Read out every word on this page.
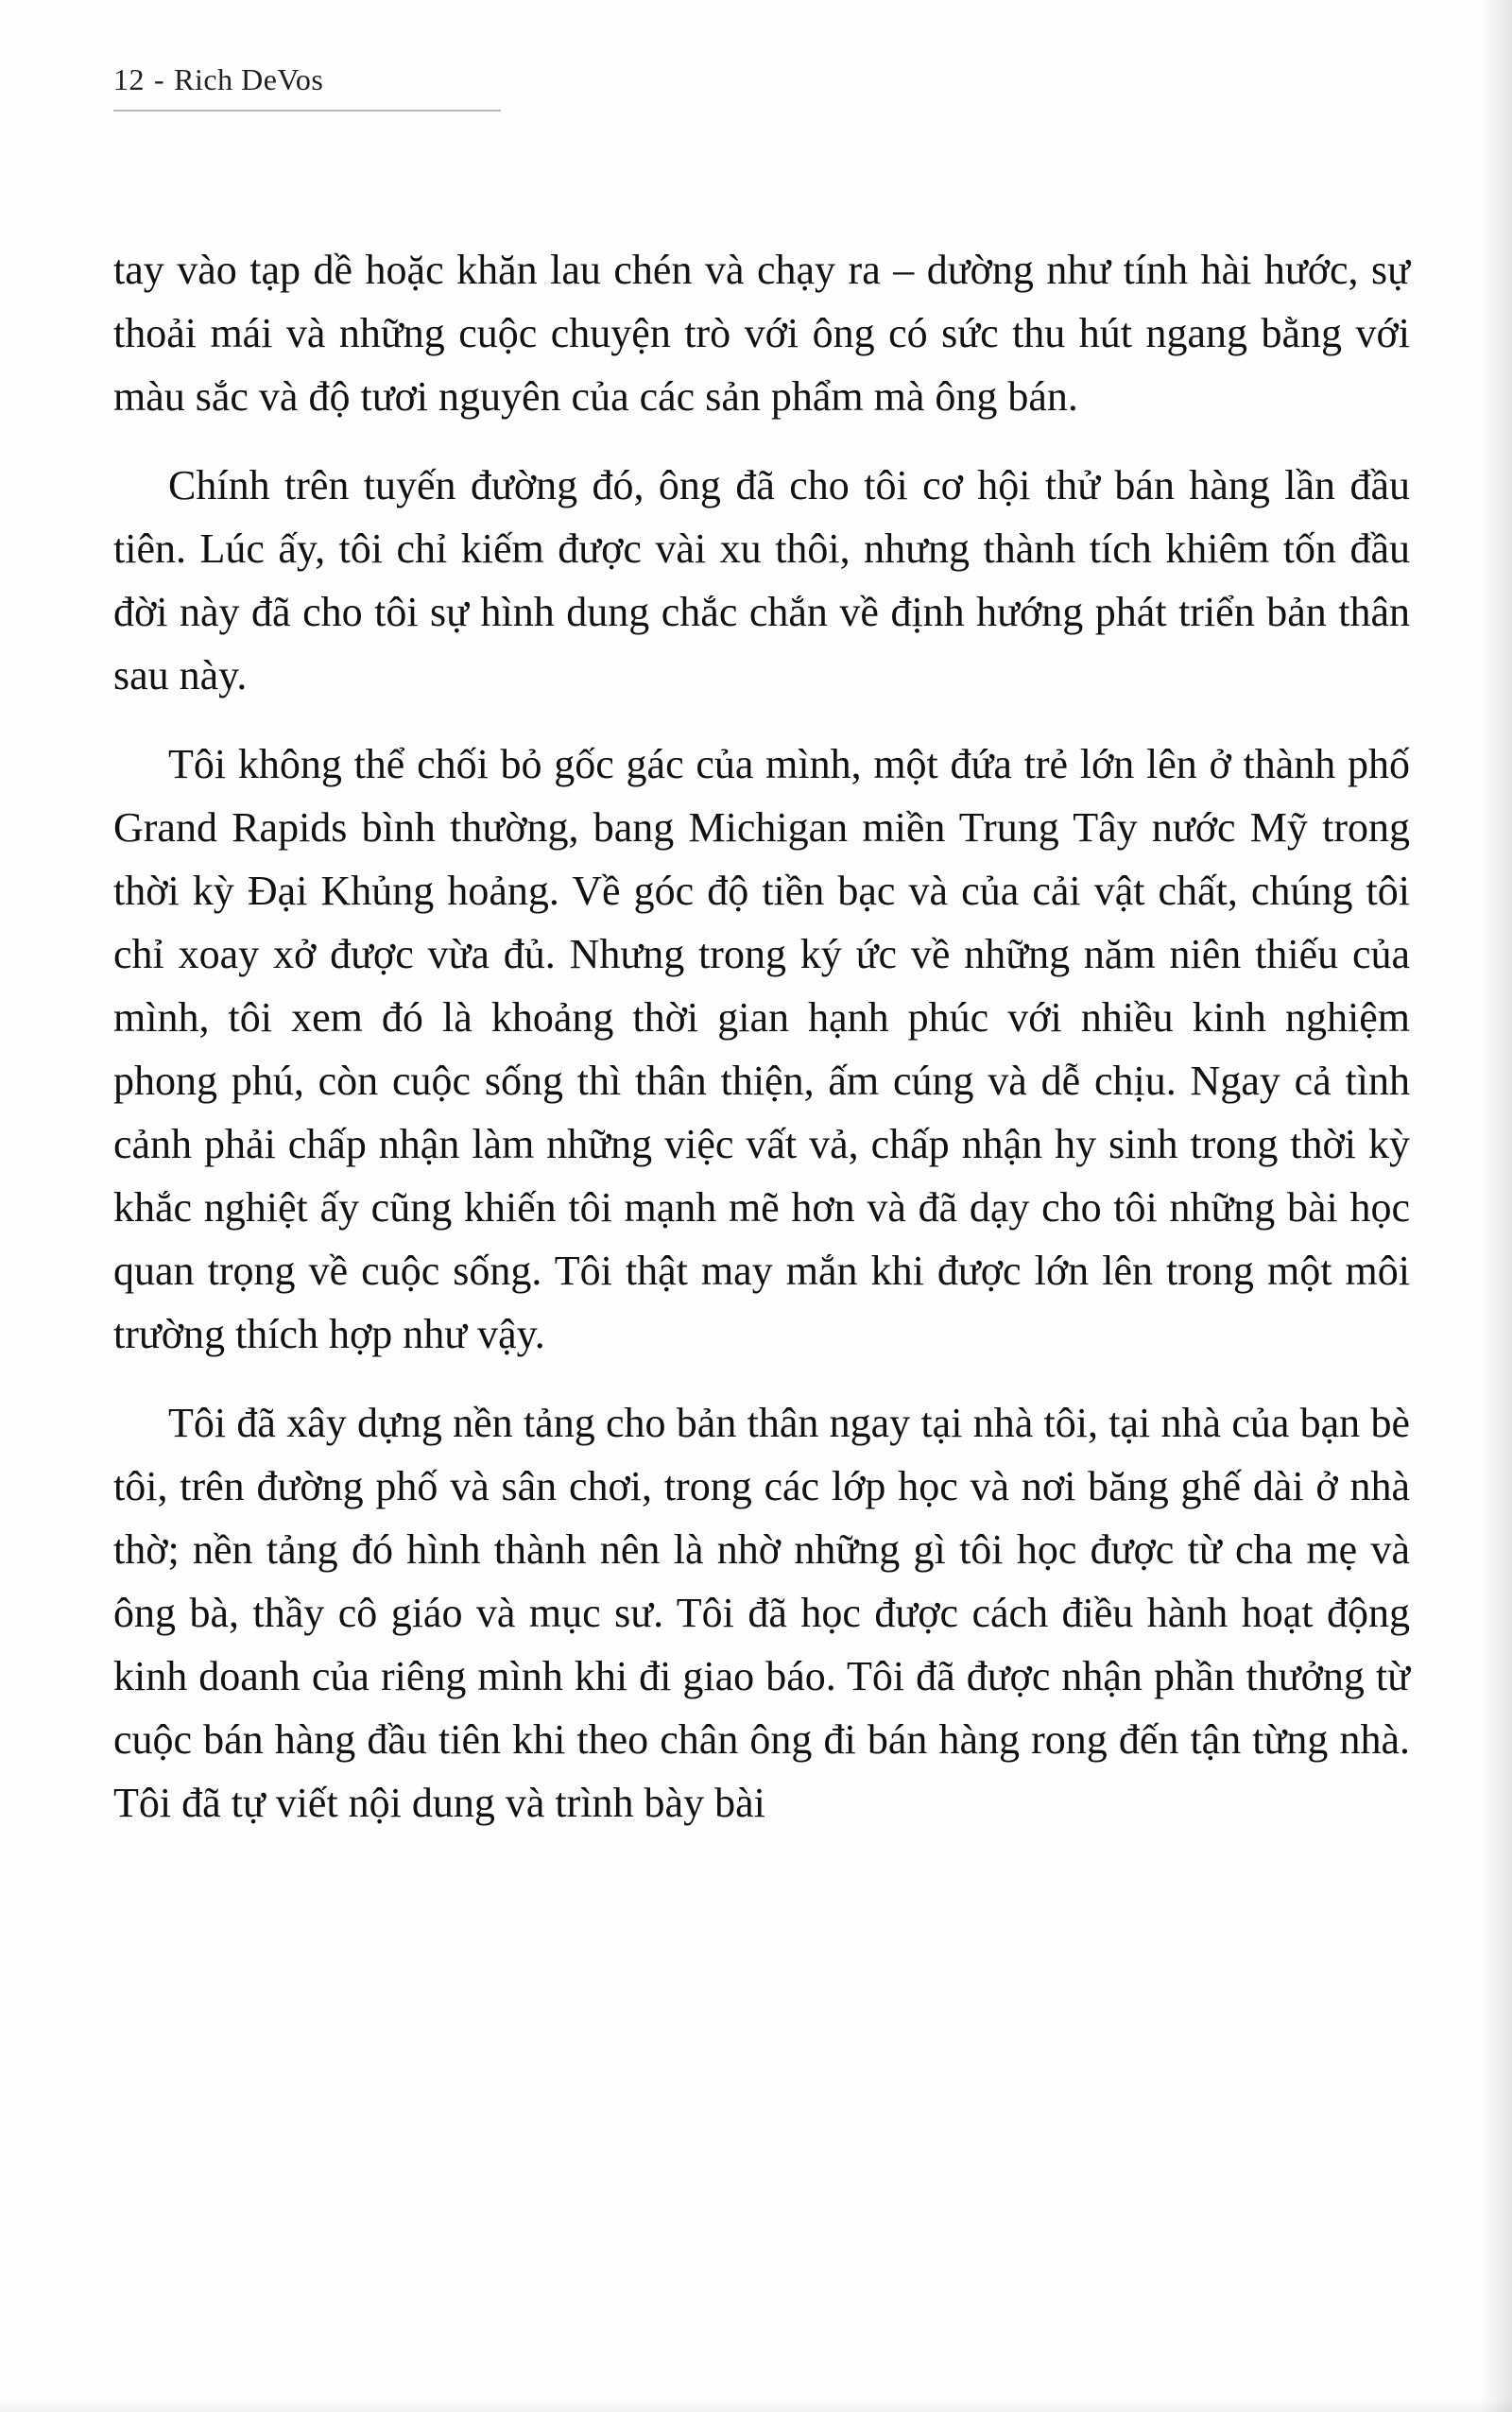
12 - Rich DeVos

tay vào tạp dề hoặc khăn lau chén và chạy ra – dường như tính hài hước, sự thoải mái và những cuộc chuyện trò với ông có sức thu hút ngang bằng với màu sắc và độ tươi nguyên của các sản phẩm mà ông bán.

Chính trên tuyến đường đó, ông đã cho tôi cơ hội thử bán hàng lần đầu tiên. Lúc ấy, tôi chỉ kiếm được vài xu thôi, nhưng thành tích khiêm tốn đầu đời này đã cho tôi sự hình dung chắc chắn về định hướng phát triển bản thân sau này.

Tôi không thể chối bỏ gốc gác của mình, một đứa trẻ lớn lên ở thành phố Grand Rapids bình thường, bang Michigan miền Trung Tây nước Mỹ trong thời kỳ Đại Khủng hoảng. Về góc độ tiền bạc và của cải vật chất, chúng tôi chỉ xoay xở được vừa đủ. Nhưng trong ký ức về những năm niên thiếu của mình, tôi xem đó là khoảng thời gian hạnh phúc với nhiều kinh nghiệm phong phú, còn cuộc sống thì thân thiện, ấm cúng và dễ chịu. Ngay cả tình cảnh phải chấp nhận làm những việc vất vả, chấp nhận hy sinh trong thời kỳ khắc nghiệt ấy cũng khiến tôi mạnh mẽ hơn và đã dạy cho tôi những bài học quan trọng về cuộc sống. Tôi thật may mắn khi được lớn lên trong một môi trường thích hợp như vậy.

Tôi đã xây dựng nền tảng cho bản thân ngay tại nhà tôi, tại nhà của bạn bè tôi, trên đường phố và sân chơi, trong các lớp học và nơi băng ghế dài ở nhà thờ; nền tảng đó hình thành nên là nhờ những gì tôi học được từ cha mẹ và ông bà, thầy cô giáo và mục sư. Tôi đã học được cách điều hành hoạt động kinh doanh của riêng mình khi đi giao báo. Tôi đã được nhận phần thưởng từ cuộc bán hàng đầu tiên khi theo chân ông đi bán hàng rong đến tận từng nhà. Tôi đã tự viết nội dung và trình bày bài
